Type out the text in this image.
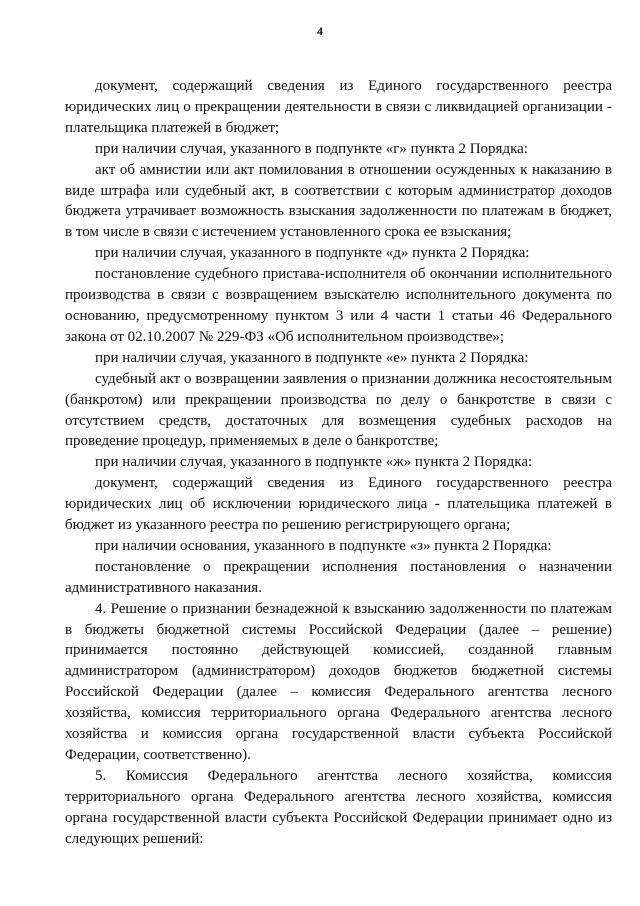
4

документ, содержащий сведения из Единого государственного реестра юридических лиц о прекращении деятельности в связи с ликвидацией организации - плательщика платежей в бюджет;

при наличии случая, указанного в подпункте «г» пункта 2 Порядка:

акт об амнистии или акт помилования в отношении осужденных к наказанию в виде штрафа или судебный акт, в соответствии с которым администратор доходов бюджета утрачивает возможность взыскания задолженности по платежам в бюджет, в том числе в связи с истечением установленного срока ее взыскания;

при наличии случая, указанного в подпункте «д» пункта 2 Порядка:

постановление судебного пристава-исполнителя об окончании исполнительного производства в связи с возвращением взыскателю исполнительного документа по основанию, предусмотренному пунктом 3 или 4 части 1 статьи 46 Федерального закона от 02.10.2007 № 229-ФЗ «Об исполнительном производстве»;

при наличии случая, указанного в подпункте «е» пункта 2 Порядка:

судебный акт о возвращении заявления о признании должника несостоятельным (банкротом) или прекращении производства по делу о банкротстве в связи с отсутствием средств, достаточных для возмещения судебных расходов на проведение процедур, применяемых в деле о банкротстве;

при наличии случая, указанного в подпункте «ж» пункта 2 Порядка:

документ, содержащий сведения из Единого государственного реестра юридических лиц об исключении юридического лица - плательщика платежей в бюджет из указанного реестра по решению регистрирующего органа;

при наличии основания, указанного в подпункте «з» пункта 2 Порядка:

постановление о прекращении исполнения постановления о назначении административного наказания.

4. Решение о признании безнадежной к взысканию задолженности по платежам в бюджеты бюджетной системы Российской Федерации (далее – решение) принимается постоянно действующей комиссией, созданной главным администратором (администратором) доходов бюджетов бюджетной системы Российской Федерации (далее – комиссия Федерального агентства лесного хозяйства, комиссия территориального органа Федерального агентства лесного хозяйства и комиссия органа государственной власти субъекта Российской Федерации, соответственно).

5. Комиссия Федерального агентства лесного хозяйства, комиссия территориального органа Федерального агентства лесного хозяйства, комиссия органа государственной власти субъекта Российской Федерации принимает одно из следующих решений:
